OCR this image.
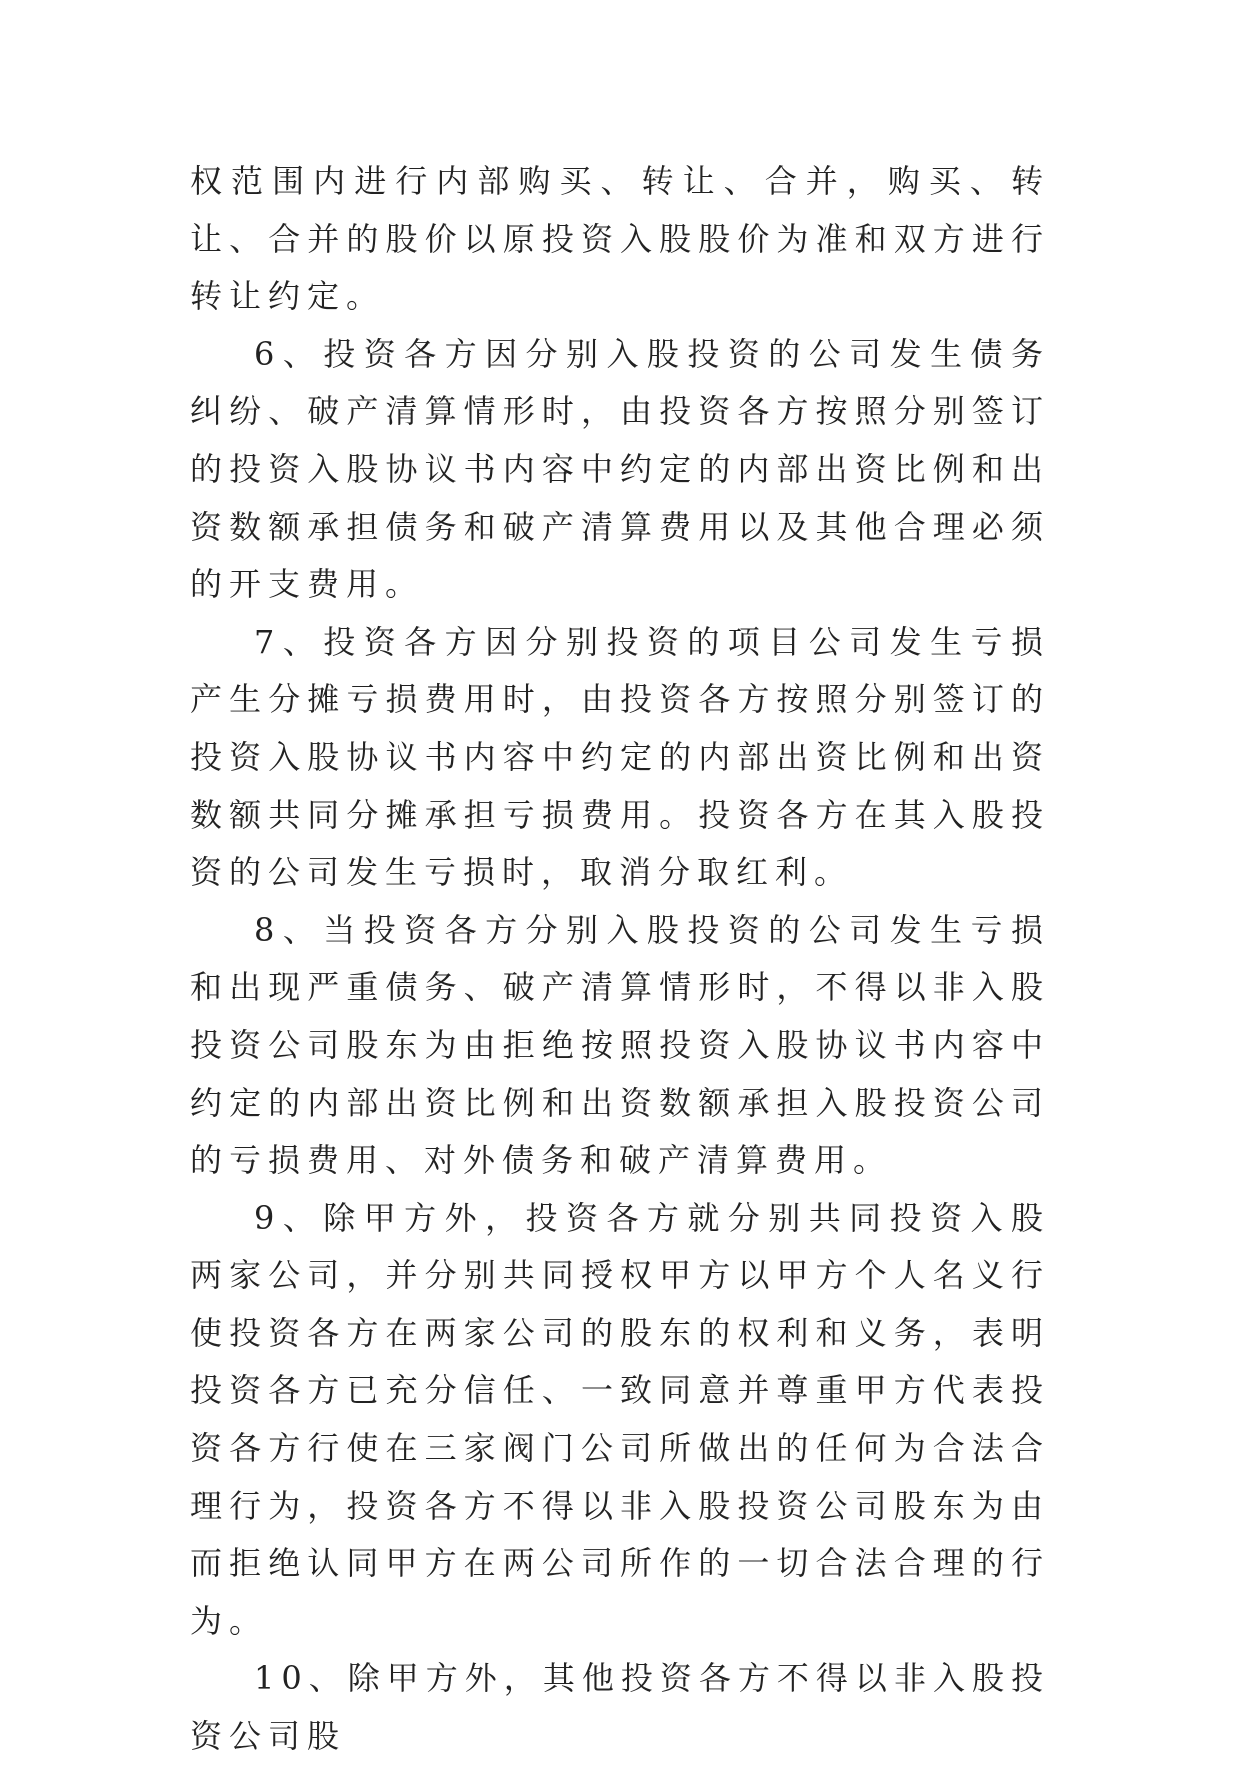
权范围内进行内部购买、转让、合并，购买、转让、合并的股价以原投资入股股价为准和双方进行转让约定。

6、投资各方因分别入股投资的公司发生债务纠纷、破产清算情形时，由投资各方按照分别签订的投资入股协议书内容中约定的内部出资比例和出资数额承担债务和破产清算费用以及其他合理必须的开支费用。

7、投资各方因分别投资的项目公司发生亏损产生分摊亏损费用时，由投资各方按照分别签订的投资入股协议书内容中约定的内部出资比例和出资数额共同分摊承担亏损费用。投资各方在其入股投资的公司发生亏损时，取消分取红利。

8、当投资各方分别入股投资的公司发生亏损和出现严重债务、破产清算情形时，不得以非入股投资公司股东为由拒绝按照投资入股协议书内容中约定的内部出资比例和出资数额承担入股投资公司的亏损费用、对外债务和破产清算费用。

9、除甲方外，投资各方就分别共同投资入股两家公司，并分别共同授权甲方以甲方个人名义行使投资各方在两家公司的股东的权利和义务，表明投资各方已充分信任、一致同意并尊重甲方代表投资各方行使在三家阀门公司所做出的任何为合法合理行为，投资各方不得以非入股投资公司股东为由而拒绝认同甲方在两公司所作的一切合法合理的行为。

10、除甲方外，其他投资各方不得以非入股投资公司股
